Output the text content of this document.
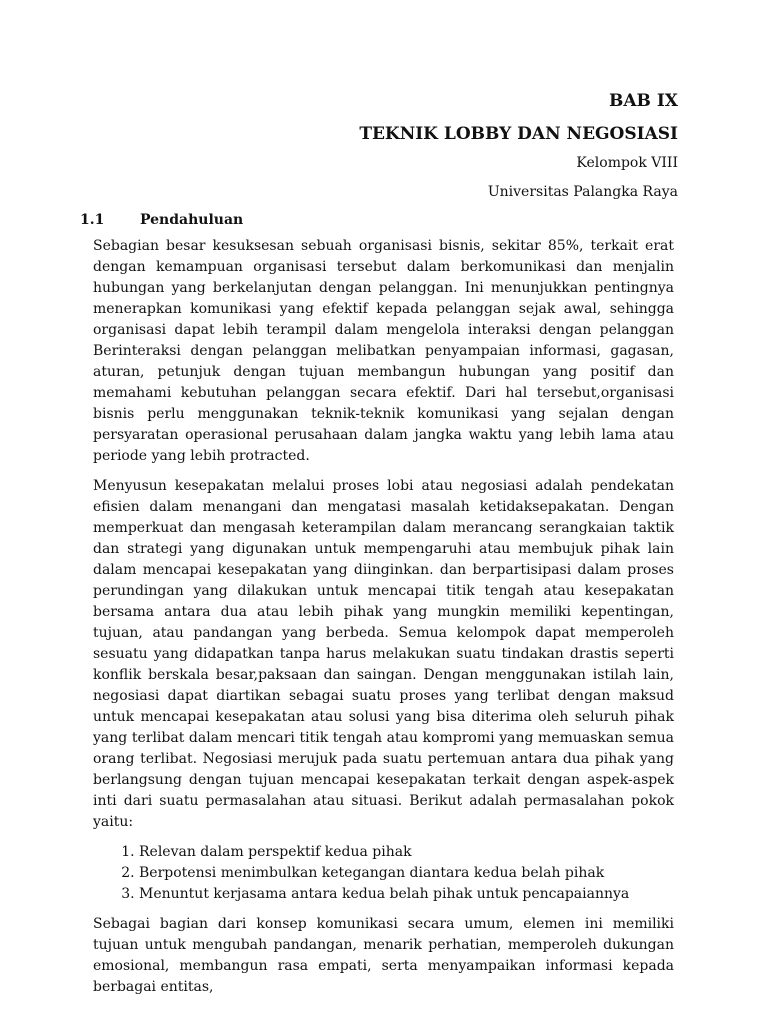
BAB IX
TEKNIK LOBBY DAN NEGOSIASI
Kelompok VIII
Universitas Palangka Raya
1.1	Pendahuluan

Sebagian besar kesuksesan sebuah organisasi bisnis, sekitar 85%, terkait erat dengan kemampuan organisasi tersebut dalam berkomunikasi dan menjalin hubungan yang berkelanjutan dengan pelanggan. Ini menunjukkan pentingnya menerapkan komunikasi yang efektif kepada pelanggan sejak awal, sehingga organisasi dapat lebih terampil dalam mengelola interaksi dengan pelanggan Berinteraksi dengan pelanggan melibatkan penyampaian informasi, gagasan, aturan, petunjuk dengan tujuan membangun hubungan yang positif dan memahami kebutuhan pelanggan secara efektif. Dari hal tersebut,organisasi bisnis perlu menggunakan teknik-teknik komunikasi yang sejalan dengan persyaratan operasional perusahaan dalam jangka waktu yang lebih lama atau periode yang lebih protracted.

Menyusun kesepakatan melalui proses lobi atau negosiasi adalah pendekatan efisien dalam menangani dan mengatasi masalah ketidaksepakatan. Dengan memperkuat dan mengasah keterampilan dalam merancang serangkaian taktik dan strategi yang digunakan untuk mempengaruhi atau membujuk pihak lain dalam mencapai kesepakatan yang diinginkan. dan berpartisipasi dalam proses perundingan yang dilakukan untuk mencapai titik tengah atau kesepakatan bersama antara dua atau lebih pihak yang mungkin memiliki kepentingan, tujuan, atau pandangan yang berbeda. Semua kelompok dapat memperoleh sesuatu yang didapatkan tanpa harus melakukan suatu tindakan drastis seperti konflik berskala besar,paksaan dan saingan. Dengan menggunakan istilah lain, negosiasi dapat diartikan sebagai suatu proses yang terlibat dengan maksud untuk mencapai kesepakatan atau solusi yang bisa diterima oleh seluruh pihak yang terlibat dalam mencari titik tengah atau kompromi yang memuaskan semua orang terlibat. Negosiasi merujuk pada suatu pertemuan antara dua pihak yang berlangsung dengan tujuan mencapai kesepakatan terkait dengan aspek-aspek inti dari suatu permasalahan atau situasi. Berikut adalah permasalahan pokok yaitu:

1. Relevan dalam perspektif kedua pihak
2. Berpotensi menimbulkan ketegangan diantara kedua belah pihak
3. Menuntut kerjasama antara kedua belah pihak untuk pencapaiannya

Sebagai bagian dari konsep komunikasi secara umum, elemen ini memiliki tujuan untuk mengubah pandangan, menarik perhatian, memperoleh dukungan emosional, membangun rasa empati, serta menyampaikan informasi kepada berbagai entitas,
